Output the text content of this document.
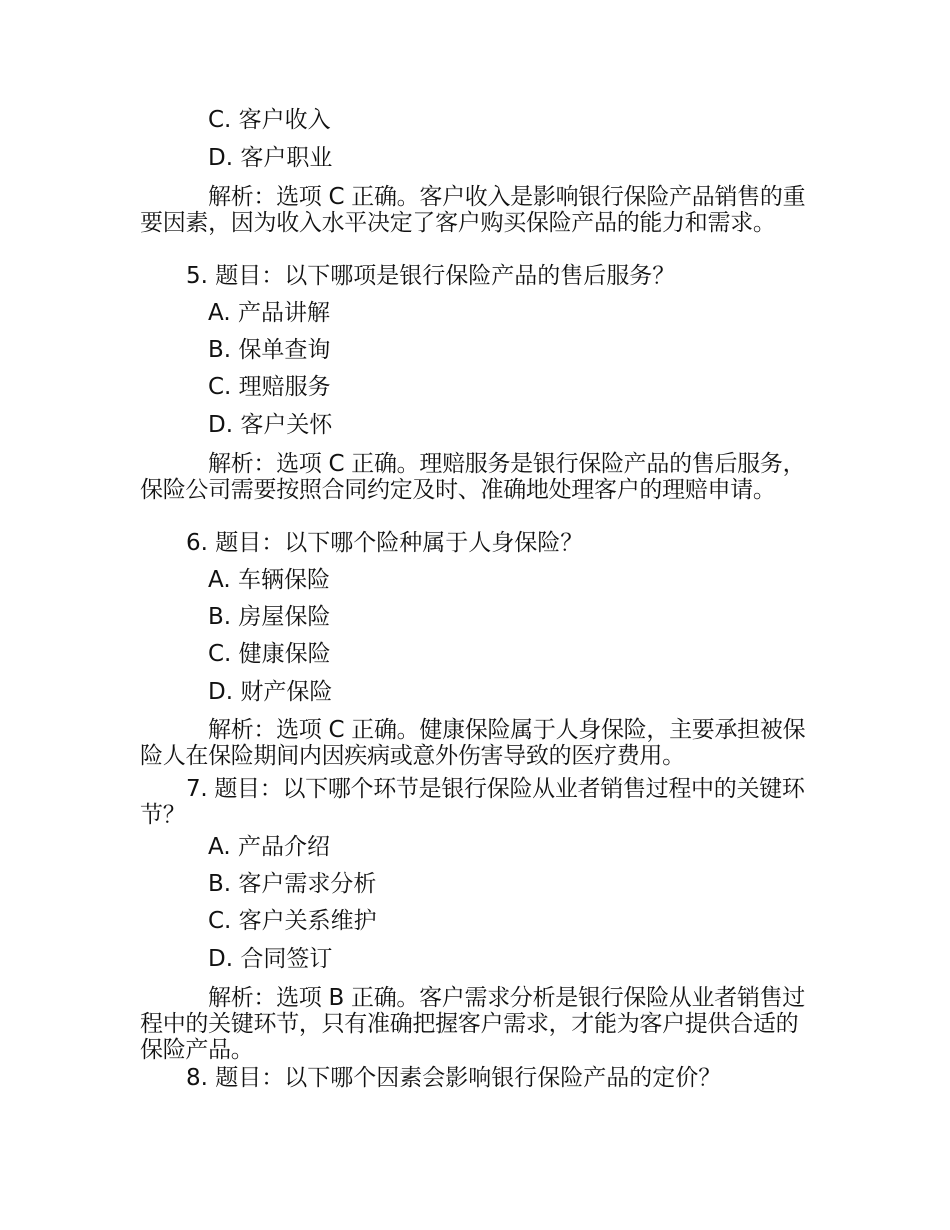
C. 客户收入
D. 客户职业
解析：选项 C 正确。客户收入是影响银行保险产品销售的重要因素，因为收入水平决定了客户购买保险产品的能力和需求。
5. 题目：以下哪项是银行保险产品的售后服务？
A. 产品讲解
B. 保单查询
C. 理赔服务
D. 客户关怀
解析：选项 C 正确。理赔服务是银行保险产品的售后服务，保险公司需要按照合同约定及时、准确地处理客户的理赔申请。
6. 题目：以下哪个险种属于人身保险？
A. 车辆保险
B. 房屋保险
C. 健康保险
D. 财产保险
解析：选项 C 正确。健康保险属于人身保险，主要承担被保险人在保险期间内因疾病或意外伤害导致的医疗费用。
7. 题目：以下哪个环节是银行保险从业者销售过程中的关键环节？
A. 产品介绍
B. 客户需求分析
C. 客户关系维护
D. 合同签订
解析：选项 B 正确。客户需求分析是银行保险从业者销售过程中的关键环节，只有准确把握客户需求，才能为客户提供合适的保险产品。
8. 题目：以下哪个因素会影响银行保险产品的定价？
